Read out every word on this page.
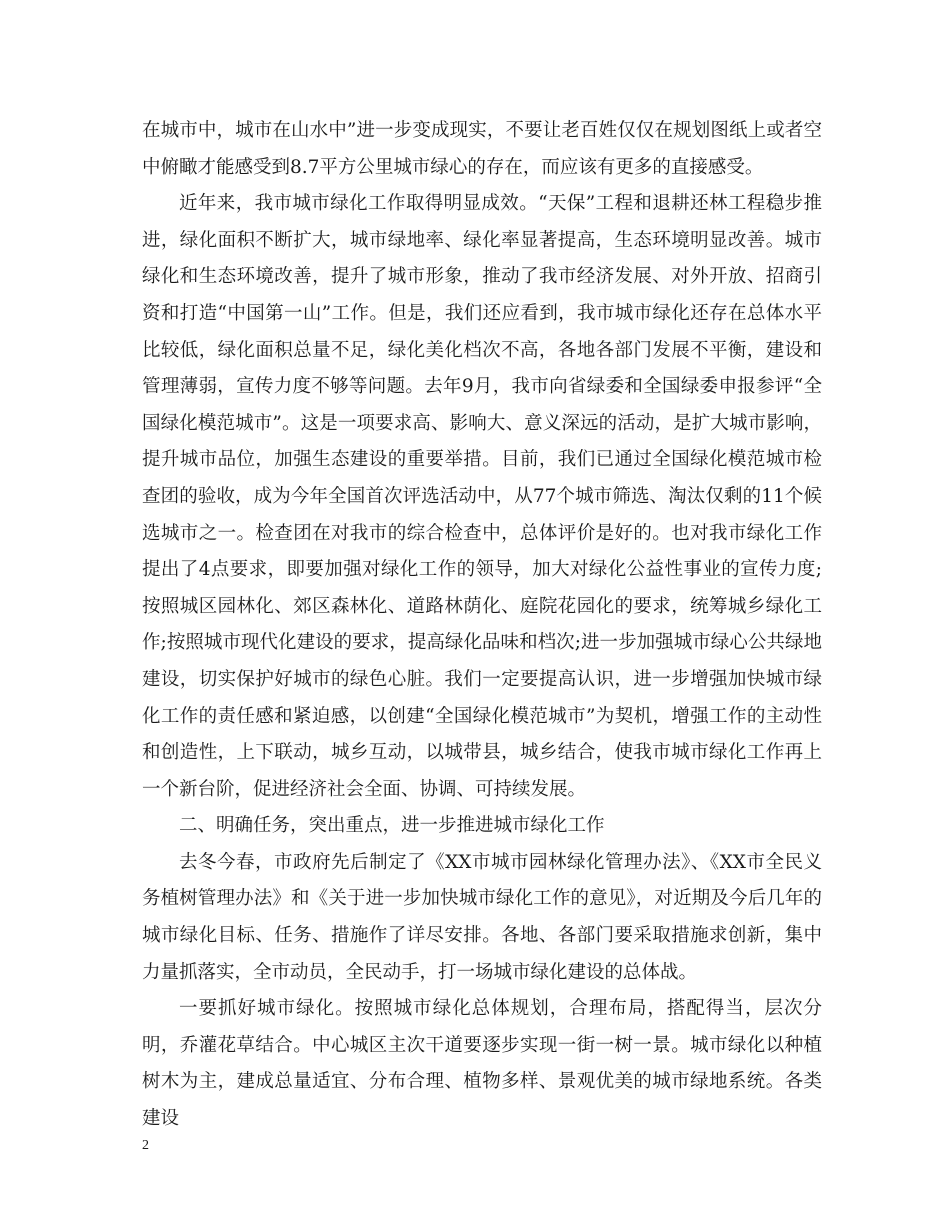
在城市中，城市在山水中”进一步变成现实，不要让老百姓仅仅在规划图纸上或者空中俯瞰才能感受到8.7平方公里城市绿心的存在，而应该有更多的直接感受。

近年来，我市城市绿化工作取得明显成效。“天保”工程和退耕还林工程稳步推进，绿化面积不断扩大，城市绿地率、绿化率显著提高，生态环境明显改善。城市绿化和生态环境改善，提升了城市形象，推动了我市经济发展、对外开放、招商引资和打造“中国第一山”工作。但是，我们还应看到，我市城市绿化还存在总体水平比较低，绿化面积总量不足，绿化美化档次不高，各地各部门发展不平衡，建设和管理薄弱，宣传力度不够等问题。去年9月，我市向省绿委和全国绿委申报参评“全国绿化模范城市”。这是一项要求高、影响大、意义深远的活动，是扩大城市影响，提升城市品位，加强生态建设的重要举措。目前，我们已通过全国绿化模范城市检查团的验收，成为今年全国首次评选活动中，从77个城市筛选、淘汰仅剩的11个候选城市之一。检查团在对我市的综合检查中，总体评价是好的。也对我市绿化工作提出了4点要求，即要加强对绿化工作的领导，加大对绿化公益性事业的宣传力度;按照城区园林化、郊区森林化、道路林荫化、庭院花园化的要求，统筹城乡绿化工作;按照城市现代化建设的要求，提高绿化品味和档次;进一步加强城市绿心公共绿地建设，切实保护好城市的绿色心脏。我们一定要提高认识，进一步增强加快城市绿化工作的责任感和紧迫感，以创建“全国绿化模范城市”为契机，增强工作的主动性和创造性，上下联动，城乡互动，以城带县，城乡结合，使我市城市绿化工作再上一个新台阶，促进经济社会全面、协调、可持续发展。

二、明确任务，突出重点，进一步推进城市绿化工作

去冬今春，市政府先后制定了《XX市城市园林绿化管理办法》、《XX市全民义务植树管理办法》和《关于进一步加快城市绿化工作的意见》，对近期及今后几年的城市绿化目标、任务、措施作了详尽安排。各地、各部门要采取措施求创新，集中力量抓落实，全市动员，全民动手，打一场城市绿化建设的总体战。

一要抓好城市绿化。按照城市绿化总体规划，合理布局，搭配得当，层次分明，乔灌花草结合。中心城区主次干道要逐步实现一街一树一景。城市绿化以种植树木为主，建成总量适宜、分布合理、植物多样、景观优美的城市绿地系统。各类建设

2
